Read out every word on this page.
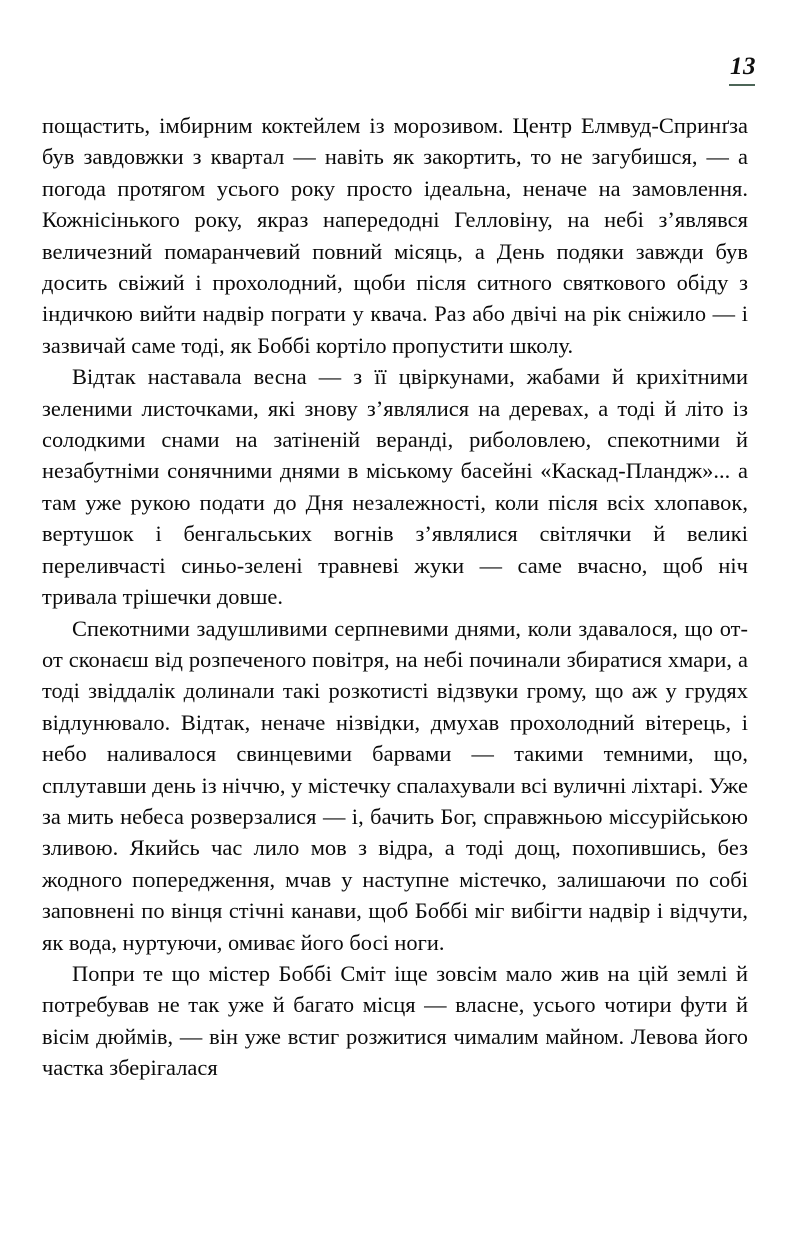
13

пощастить, імбирним коктейлем із морозивом. Центр Елмвуд-Спринґза був завдовжки з квартал — навіть як закортить, то не загубишся, — а погода протягом усього року просто ідеальна, неначе на замовлення. Кожнісінького року, якраз напередодні Гелловіну, на небі з’являвся величезний помаранчевий повний місяць, а День подяки завжди був досить свіжий і прохолодний, щоби після ситного святкового обіду з індичкою вийти надвір пограти у квача. Раз або двічі на рік сніжило — і зазвичай саме тоді, як Боббі кортіло пропустити школу.

Відтак наставала весна — з її цвіркунами, жабами й крихітними зеленими листочками, які знову з’являлися на деревах, а тоді й літо із солодкими снами на затіненій веранді, риболовлею, спекотними й незабутніми сонячними днями в міському басейні «Каскад-Пландж»... а там уже рукою подати до Дня незалежності, коли після всіх хлопавок, вертушок і бенгальських вогнів з’являлися світлячки й великі переливчасті синьо-зелені травневі жуки — саме вчасно, щоб ніч тривала трішечки довше.

Спекотними задушливими серпневими днями, коли здавалося, що от-от сконаєш від розпеченого повітря, на небі починали збиратися хмари, а тоді звіддалік долинали такі розкотисті відзвуки грому, що аж у грудях відлунювало. Відтак, неначе нізвідки, дмухав прохолодний вітерець, і небо наливалося свинцевими барвами — такими темними, що, сплутавши день із ніччю, у містечку спалахували всі вуличні ліхтарі. Уже за мить небеса розверзалися — і, бачить Бог, справжньою міссурійською зливою. Якийсь час лило мов з відра, а тоді дощ, похопившись, без жодного попередження, мчав у наступне містечко, залишаючи по собі заповнені по вінця стічні канави, щоб Боббі міг вибігти надвір і відчути, як вода, нуртуючи, омиває його босі ноги.

Попри те що містер Боббі Сміт іще зовсім мало жив на цій землі й потребував не так уже й багато місця — власне, усього чотири фути й вісім дюймів, — він уже встиг розжитися чималим майном. Левова його частка зберігалася
